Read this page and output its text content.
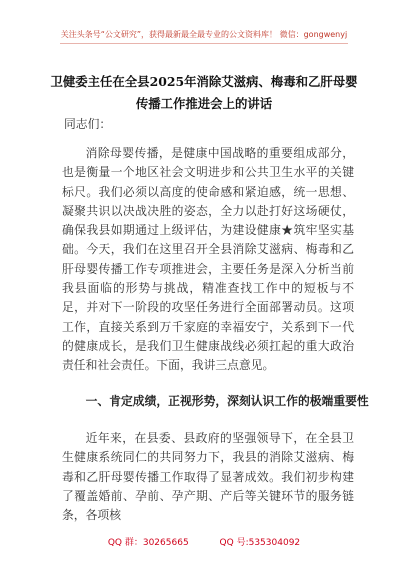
关注头条号“公文研究”，获得最新最全最专业的公文资料库！ 微信：gongwenyj
卫健委主任在全县2025年消除艾滋病、梅毒和乙肝母婴传播工作推进会上的讲话
同志们：

消除母婴传播，是健康中国战略的重要组成部分，也是衡量一个地区社会文明进步和公共卫生水平的关键标尺。我们必须以高度的使命感和紧迫感，统一思想、凝聚共识以决战决胜的姿态，全力以赴打好这场硬仗，确保我县如期通过上级评估，为建设健康★筑牢坚实基础。今天，我们在这里召开全县消除艾滋病、梅毒和乙肝母婴传播工作专项推进会，主要任务是深入分析当前我县面临的形势与挑战，精准查找工作中的短板与不足，并对下一阶段的攻坚任务进行全面部署动员。这项工作，直接关系到万千家庭的幸福安宁，关系到下一代的健康成长，是我们卫生健康战线必须扛起的重大政治责任和社会责任。下面，我讲三点意见。

一、肯定成绩，正视形势，深刻认识工作的极端重要性

近年来，在县委、县政府的坚强领导下，在全县卫生健康系统同仁的共同努力下，我县的消除艾滋病、梅毒和乙肝母婴传播工作取得了显著成效。我们初步构建了覆盖婚前、孕前、孕产期、产后等关键环节的服务链条，各项核

QQ 群：30265665	QQ 号:535304092
